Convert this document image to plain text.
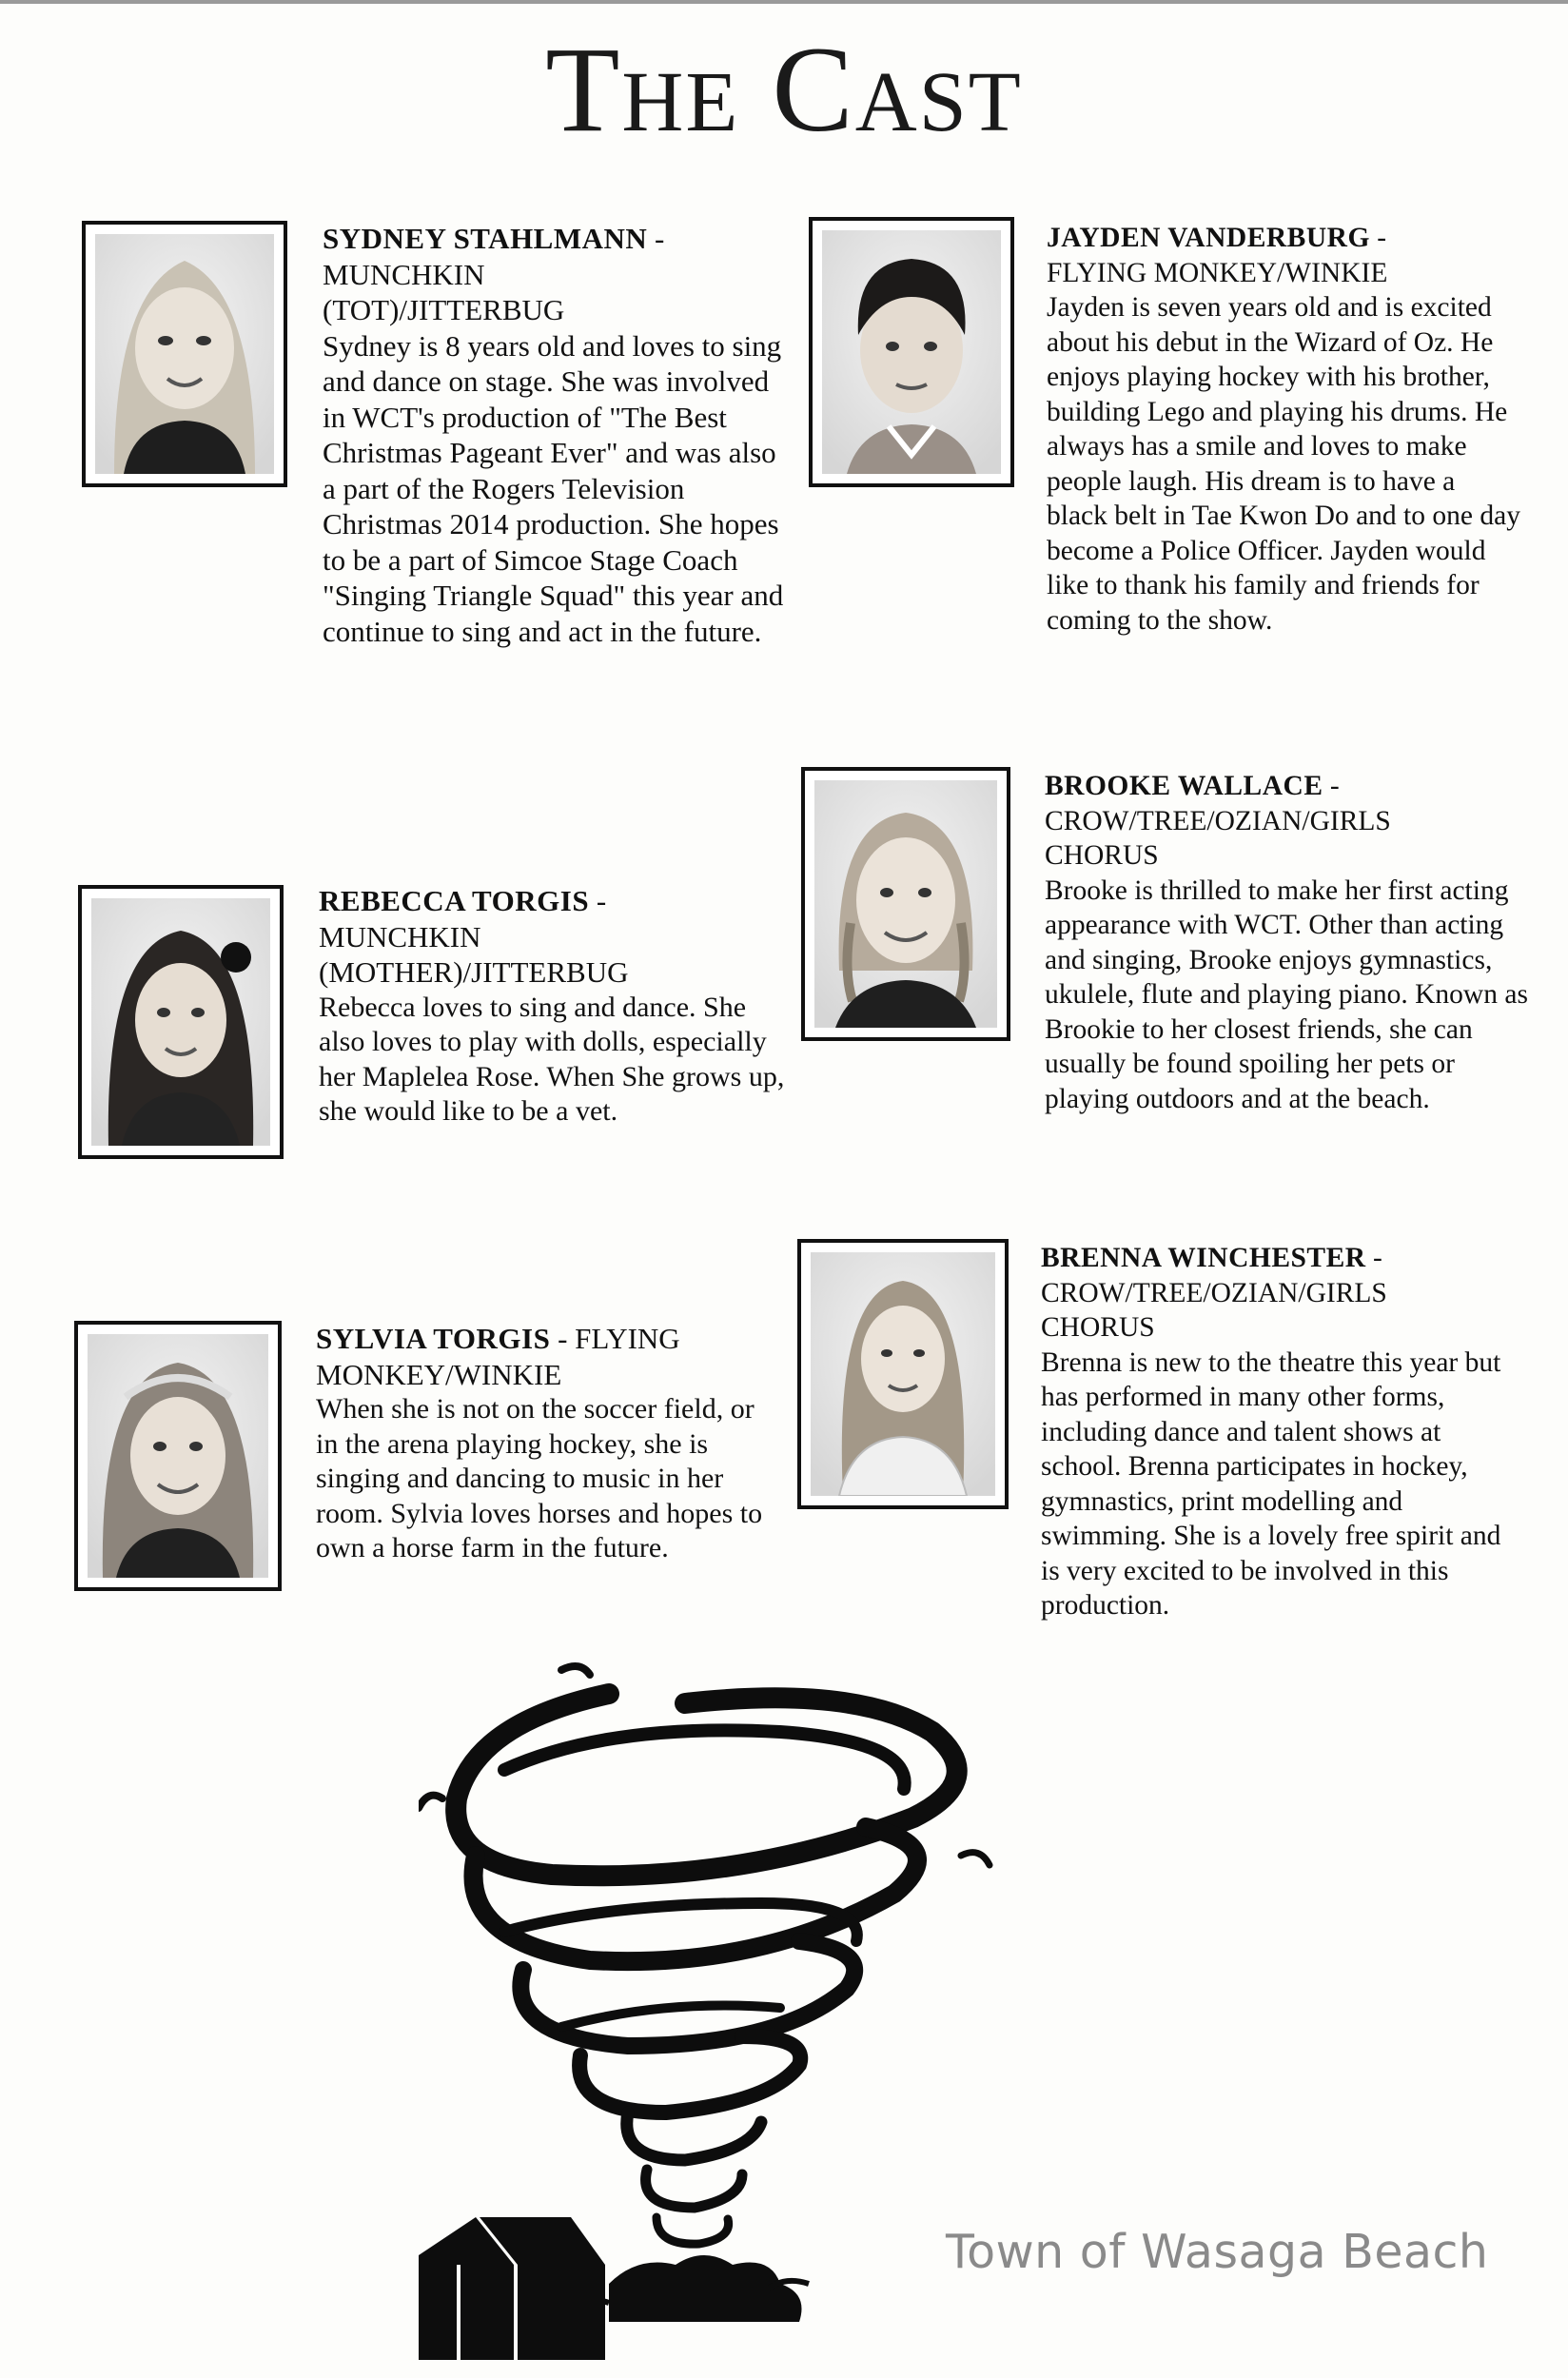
The Cast

SYDNEY STAHLMANN -

MUNCHKIN

(TOT)/JITTERBUG

Sydney is 8 years old and loves to sing and dance on stage. She was involved in WCT's production of "The Best Christmas Pageant Ever" and was also a part of the Rogers Television Christmas 2014 production. She hopes to be a part of Simcoe Stage Coach "Singing Triangle Squad" this year and continue to sing and act in the future.

REBECCA TORGIS -

MUNCHKIN

(MOTHER)/JITTERBUG

Rebecca loves to sing and dance. She also loves to play with dolls, especially her Maplelea Rose. When She grows up, she would like to be a vet.

SYLVIA TORGIS - FLYING

MONKEY/WINKIE

When she is not on the soccer field, or in the arena playing hockey, she is singing and dancing to music in her room. Sylvia loves horses and hopes to own a horse farm in the future.

JAYDEN VANDERBURG -

FLYING MONKEY/WINKIE

Jayden is seven years old and is excited about his debut in the Wizard of Oz. He enjoys playing hockey with his brother, building Lego and playing his drums. He always has a smile and loves to make people laugh. His dream is to have a black belt in Tae Kwon Do and to one day become a Police Officer. Jayden would like to thank his family and friends for coming to the show.

BROOKE WALLACE -

CROW/TREE/OZIAN/GIRLS

CHORUS

Brooke is thrilled to make her first acting appearance with WCT. Other than acting and singing, Brooke enjoys gymnastics, ukulele, flute and playing piano. Known as Brookie to her closest friends, she can usually be found spoiling her pets or playing outdoors and at the beach.

BRENNA WINCHESTER -

CROW/TREE/OZIAN/GIRLS

CHORUS

Brenna is new to the theatre this year but has performed in many other forms, including dance and talent shows at school. Brenna participates in hockey, gymnastics, print modelling and swimming. She is a lovely free spirit and is very excited to be involved in this production.

Town of Wasaga Beach
